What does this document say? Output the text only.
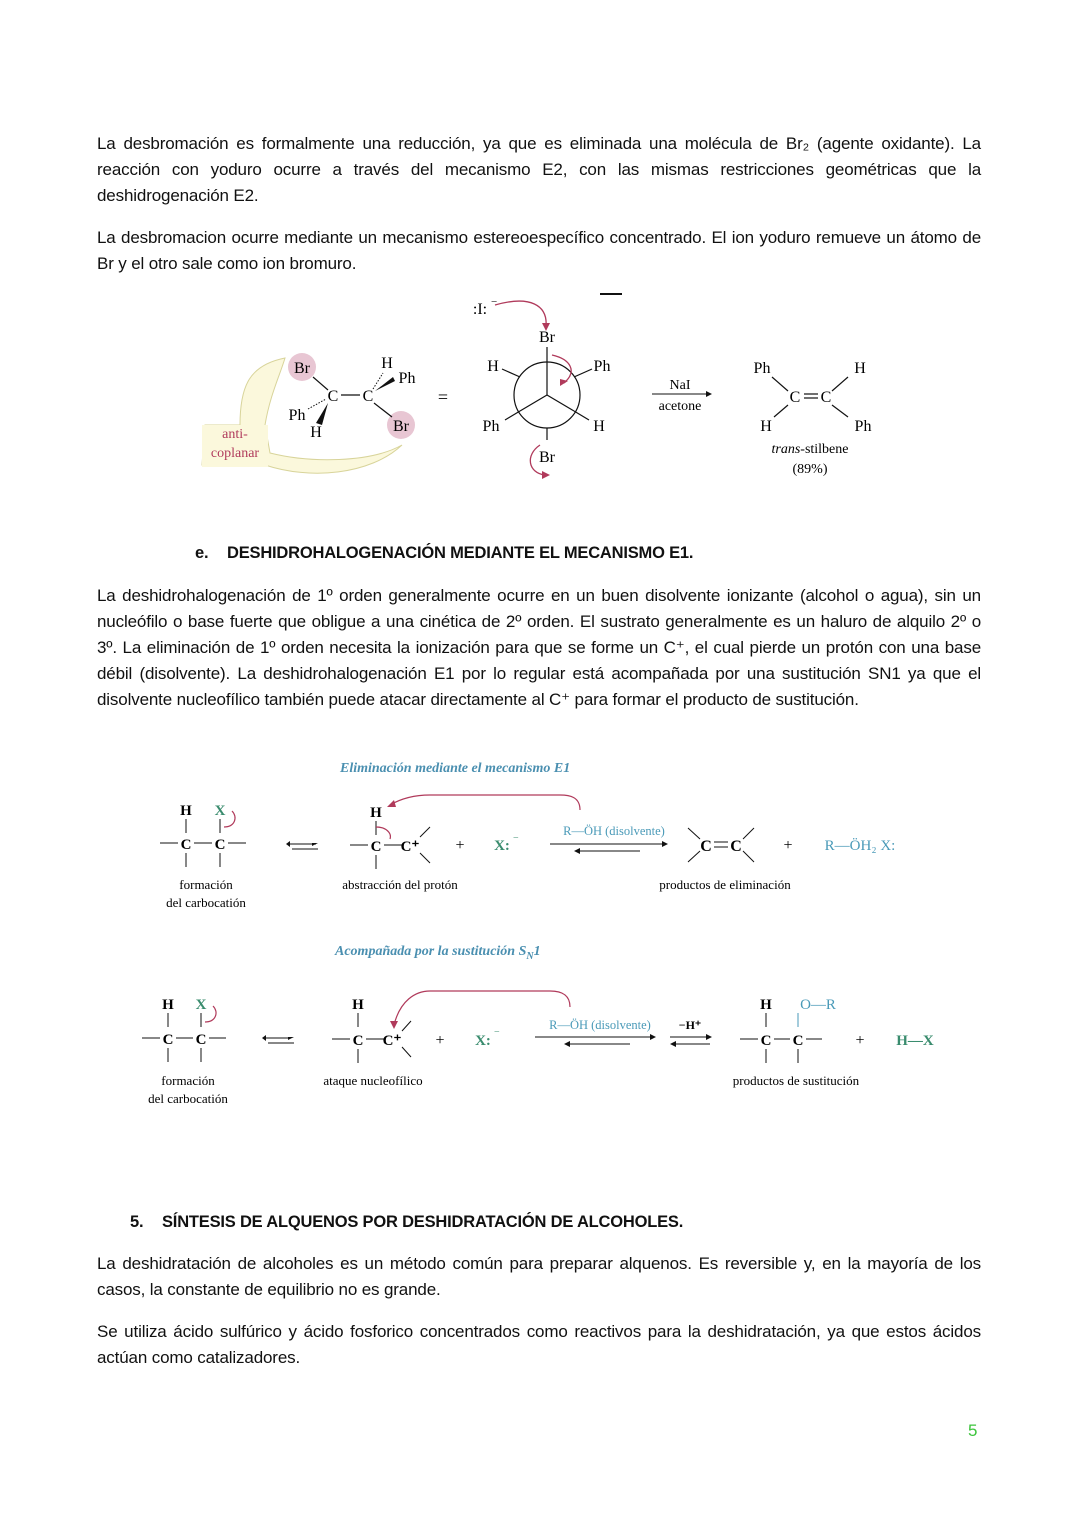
La desbromación es formalmente una reducción, ya que es eliminada una molécula de Br₂ (agente oxidante). La reacción con yoduro ocurre a través del mecanismo E2, con las mismas restricciones geométricas que la deshidrogenación E2.
La desbromacion ocurre mediante un mecanismo estereoespecífico concentrado. El ion yoduro remueve un átomo de Br y el otro sale como ion bromuro.
anti-
coplanar
Br
Br
C C
Ph
H
H
Ph
=
:I: −
Br
H	Ph
Ph	H
Br
NaI
acetone
Ph	H
C C
H	Ph
trans-stilbene
(89%)
e. DESHIDROHALOGENACIÓN MEDIANTE EL MECANISMO E1.
La deshidrohalogenación de 1º orden generalmente ocurre en un buen disolvente ionizante (alcohol o agua), sin un nucleófilo o base fuerte que obligue a una cinética de 2º orden. El sustrato generalmente es un haluro de alquilo 2º o 3º. La eliminación de 1º orden necesita la ionización para que se forme un C⁺, el cual pierde un protón con una base débil (disolvente). La deshidrohalogenación E1 por lo regular está acompañada por una sustitución SN1 ya que el disolvente nucleofílico también puede atacar directamente al C⁺ para formar el producto de sustitución.
Eliminación mediante el mecanismo E1
H X
C C
formación
del carbocatión
H
C C⁺ + X: −
abstracción del protón
R—ÖH (disolvente)
C C	+ R—ÖH₂ X:
productos de eliminación
Acompañada por la sustitución $S_N1$
H X
C C
formación
del carbocatión
H
C C⁺ + X:
−
ataque nucleofílico
R—ÖH (disolvente) −H⁺
H O—R
C C	+ H—X
productos de sustitución
5. SÍNTESIS DE ALQUENOS POR DESHIDRATACIÓN DE ALCOHOLES.
La deshidratación de alcoholes es un método común para preparar alquenos. Es reversible y, en la mayoría de los casos, la constante de equilibrio no es grande.
Se utiliza ácido sulfúrico y ácido fosforico concentrados como reactivos para la deshidratación, ya que estos ácidos actúan como catalizadores.
5
